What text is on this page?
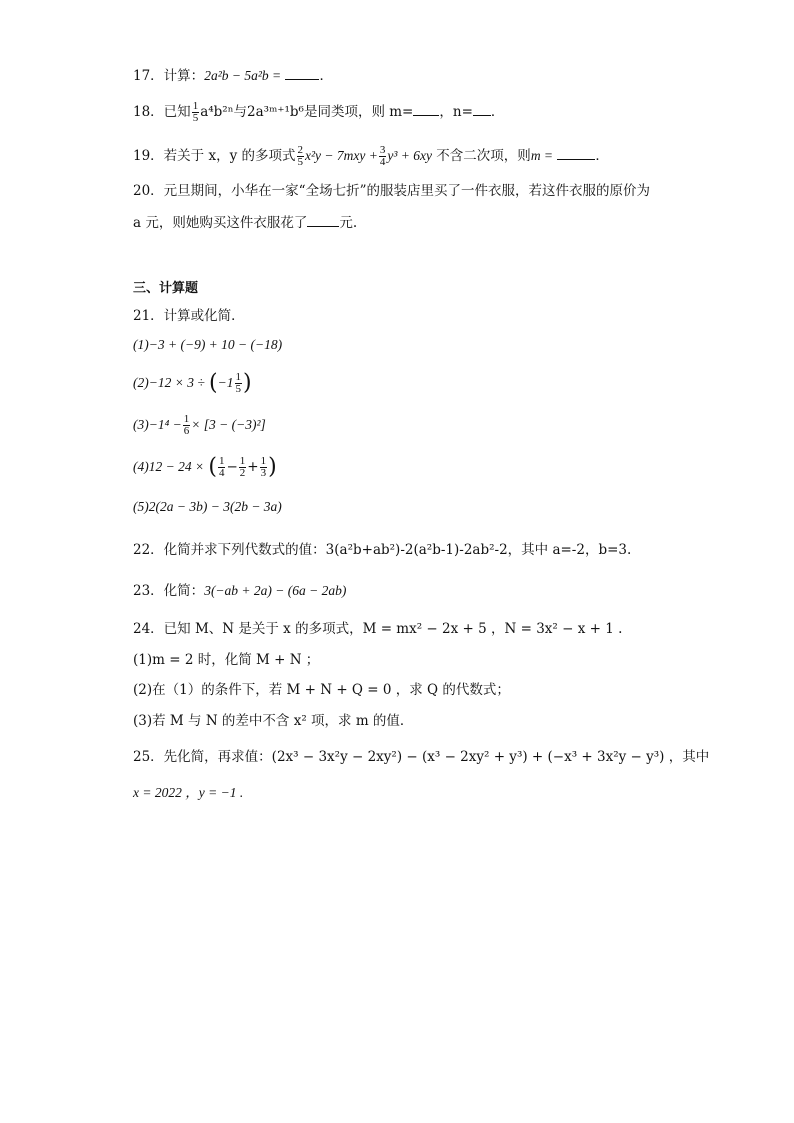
17．计算：2a²b − 5a²b =	．
18．已知 $\frac{1}{5} a^4b^{2n}$与2a³ᵐ⁺¹b⁶是同类项，则 m= ，n= ．
19．若关于 x，y 的多项式 $\frac{2}{5} x^2y - 7mxy + \frac{3}{4} y^3 + 6xy$ 不含二次项，则m =	．
20．元旦期间，小华在一家“全场七折”的服装店里买了一件衣服，若这件衣服的原价为
a 元，则她购买这件衣服花了 元.
三、计算题
21．计算或化简．
(1)−3 + (−9) + 10 − (−18)
$(2)-12 \times 3 \div (-1 \frac{1}{5}$ )
$(3)-1^4 - \frac{1}{6} \times [3 - (-3)^2]$
(4)12 − 24 × ( $\frac{1}{4} - \frac{1}{2} + \frac{1}{3}$ )
(5)2(2a − 3b) − 3(2b − 3a)
22．化简并求下列代数式的值：3(a²b+ab²)-2(a²b-1)-2ab²-2，其中 a=-2，b=3.
23．化简：3(−ab + 2a) − (6a − 2ab)
24．已知 M、N 是关于 x 的多项式，M = mx² − 2x + 5 ，N = 3x² − x + 1 .
(1)m = 2 时，化简 M + N ；
(2)在（1）的条件下，若 M + N + Q = 0 ，求 Q 的代数式；
(3)若 M 与 N 的差中不含 x² 项，求 m 的值．
25．先化简，再求值：(2x³ − 3x²y − 2xy²) − (x³ − 2xy² + y³) + (−x³ + 3x²y − y³) ，其中
x = 2022 ，y = −1 .
